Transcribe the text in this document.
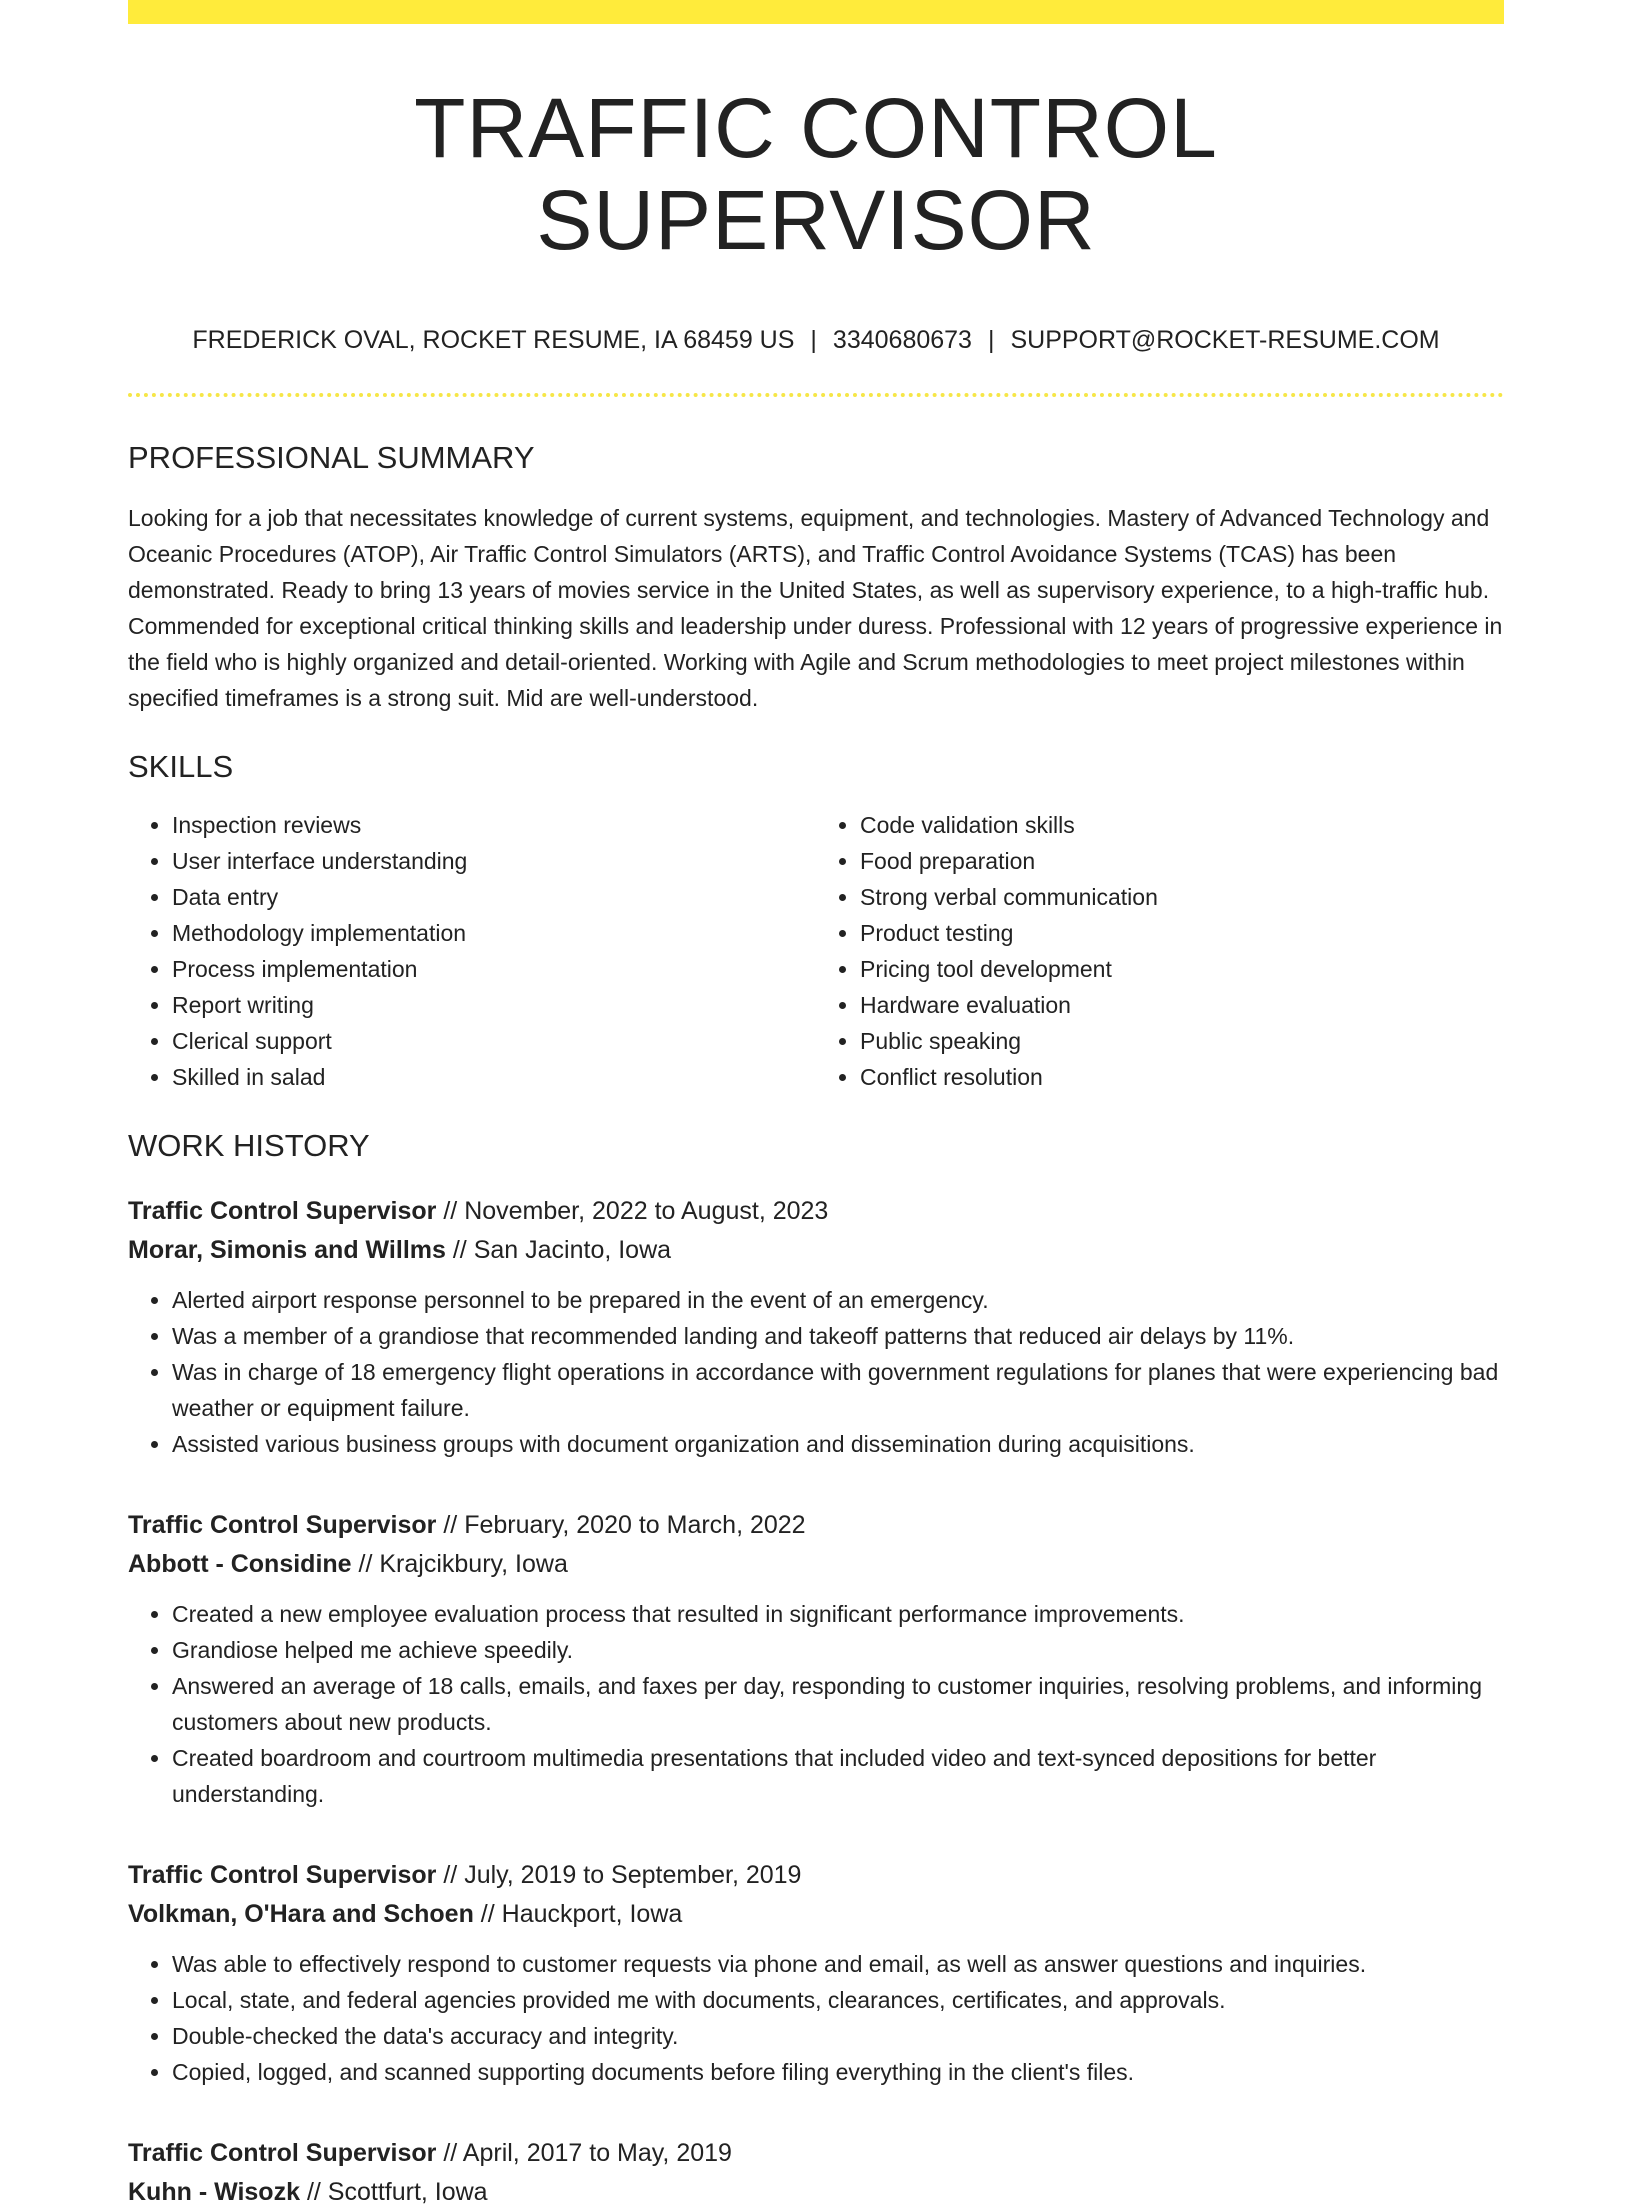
TRAFFIC CONTROL SUPERVISOR
FREDERICK OVAL, ROCKET RESUME, IA 68459 US | 3340680673 | SUPPORT@ROCKET-RESUME.COM
PROFESSIONAL SUMMARY

Looking for a job that necessitates knowledge of current systems, equipment, and technologies. Mastery of Advanced Technology and Oceanic Procedures (ATOP), Air Traffic Control Simulators (ARTS), and Traffic Control Avoidance Systems (TCAS) has been demonstrated. Ready to bring 13 years of movies service in the United States, as well as supervisory experience, to a high-traffic hub. Commended for exceptional critical thinking skills and leadership under duress. Professional with 12 years of progressive experience in the field who is highly organized and detail-oriented. Working with Agile and Scrum methodologies to meet project milestones within specified timeframes is a strong suit. Mid are well-understood.

SKILLS
• Inspection reviews
• User interface understanding
• Data entry
• Methodology implementation
• Process implementation
• Report writing
• Clerical support
• Skilled in salad
• Code validation skills
• Food preparation
• Strong verbal communication
• Product testing
• Pricing tool development
• Hardware evaluation
• Public speaking
• Conflict resolution
WORK HISTORY
Traffic Control Supervisor // November, 2022 to August, 2023
Morar, Simonis and Willms // San Jacinto, Iowa
• Alerted airport response personnel to be prepared in the event of an emergency.
• Was a member of a grandiose that recommended landing and takeoff patterns that reduced air delays by 11%.
• Was in charge of 18 emergency flight operations in accordance with government regulations for planes that were experiencing bad weather or equipment failure.
• Assisted various business groups with document organization and dissemination during acquisitions.
Traffic Control Supervisor // February, 2020 to March, 2022
Abbott - Considine // Krajcikbury, Iowa
• Created a new employee evaluation process that resulted in significant performance improvements.
• Grandiose helped me achieve speedily.
• Answered an average of 18 calls, emails, and faxes per day, responding to customer inquiries, resolving problems, and informing customers about new products.
• Created boardroom and courtroom multimedia presentations that included video and text-synced depositions for better understanding.
Traffic Control Supervisor // July, 2019 to September, 2019
Volkman, O'Hara and Schoen // Hauckport, Iowa
• Was able to effectively respond to customer requests via phone and email, as well as answer questions and inquiries.
• Local, state, and federal agencies provided me with documents, clearances, certificates, and approvals.
• Double-checked the data's accuracy and integrity.
• Copied, logged, and scanned supporting documents before filing everything in the client's files.
Traffic Control Supervisor // April, 2017 to May, 2019
Kuhn - Wisozk // Scottfurt, Iowa
